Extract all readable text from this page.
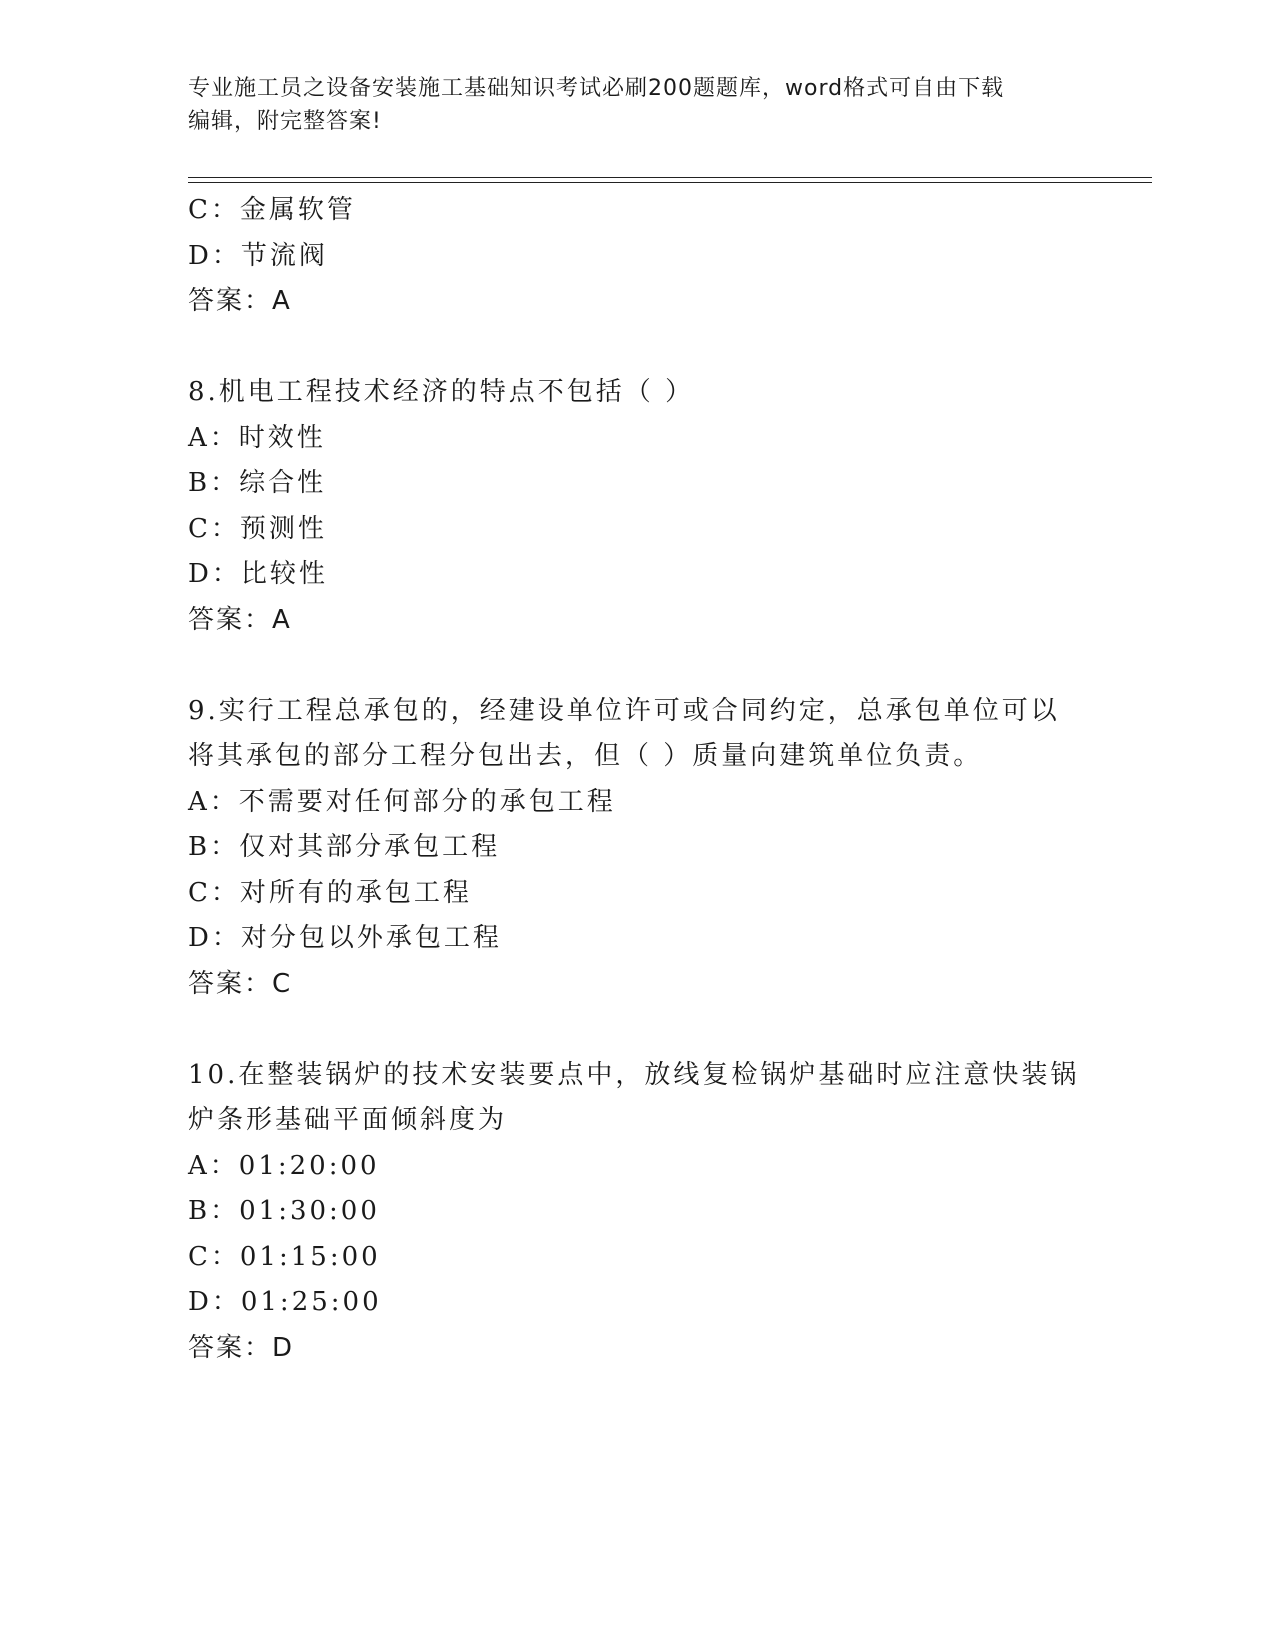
专业施工员之设备安装施工基础知识考试必刷200题题库，word格式可自由下载
编辑，附完整答案!
C：金属软管
D：节流阀
答案：A
8.机电工程技术经济的特点不包括（ ）
A：时效性
B：综合性
C：预测性
D：比较性
答案：A
9.实行工程总承包的，经建设单位许可或合同约定，总承包单位可以
将其承包的部分工程分包出去，但（ ）质量向建筑单位负责。
A：不需要对任何部分的承包工程
B：仅对其部分承包工程
C：对所有的承包工程
D：对分包以外承包工程
答案：C
10.在整装锅炉的技术安装要点中，放线复检锅炉基础时应注意快装锅
炉条形基础平面倾斜度为
A：01:20:00
B：01:30:00
C：01:15:00
D：01:25:00
答案：D
